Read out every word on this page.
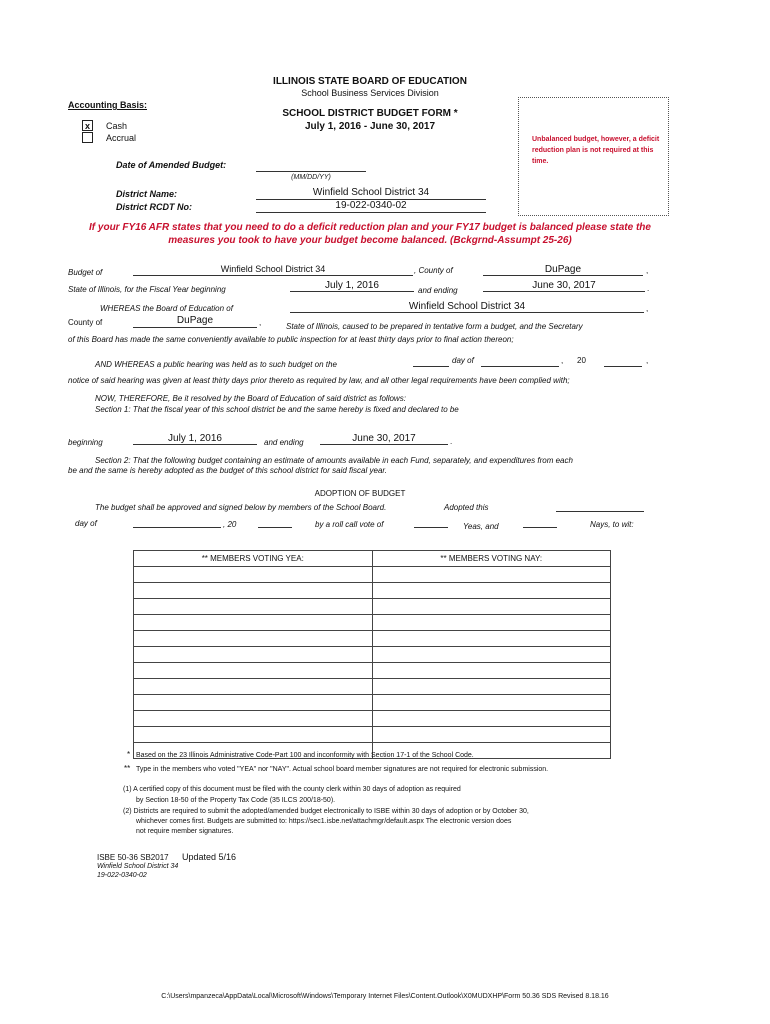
ILLINOIS STATE BOARD OF EDUCATION
School Business Services Division
SCHOOL DISTRICT BUDGET FORM *
July 1, 2016 - June 30, 2017
Accounting Basis:
x	Cash
Accrual	Unbalanced budget, however, a deficit reduction plan is not required at this time.
Date of Amended Budget:
(MM/DD/YY)
District Name:	Winfield School District 34
District RCDT No:	19-022-0340-02
If your FY16 AFR states that you need to do a deficit reduction plan and your FY17 budget is balanced please state the
measures you took to have your budget become balanced. (Bckgrnd-Assumpt 25-26)
Budget of	Winfield School District 34	, County of	DuPage	,
State of Illinois, for the Fiscal Year beginning	July 1, 2016	and ending	June 30, 2017	.
WHEREAS the Board of Education of	Winfield School District 34	,
County of	DuPage	,	State of Illinois, caused to be prepared in tentative form a budget, and the Secretary
of this Board has made the same conveniently available to public inspection for at least thirty days prior to final action thereon;
AND WHEREAS a public hearing was held as to such budget on the	day of	, 20	,
notice of said hearing was given at least thirty days prior thereto as required by law, and all other legal requirements have been complied with;
NOW, THEREFORE, Be it resolved by the Board of Education of said district as follows:
Section 1: That the fiscal year of this school district be and the same hereby is fixed and declared to be
beginning	July 1, 2016	and ending	June 30, 2017	.
Section 2: That the following budget containing an estimate of amounts available in each Fund, separately, and expenditures from each
be and the same is hereby adopted as the budget of this school district for said fiscal year.
ADOPTION OF BUDGET
The budget shall be approved and signed below by members of the School Board.	Adopted this
day of	, 20	by a roll call vote of	Yeas, and	Nays, to wit:
** MEMBERS VOTING YEA:	** MEMBERS VOTING NAY:

* Based on the 23 Illinois Administrative Code-Part 100 and inconformity with Section 17-1 of the School Code.
** Type in the members who voted "YEA" nor "NAY". Actual school board member signatures are not required for electronic submission.
(1) A certified copy of this document must be filed with the county clerk within 30 days of adoption as required
by Section 18-50 of the Property Tax Code (35 ILCS 200/18-50).
(2) Districts are required to submit the adopted/amended budget electronically to ISBE within 30 days of adoption or by October 30,
whichever comes first. Budgets are submitted to: https://sec1.isbe.net/attachmgr/default.aspx The electronic version does
not require member signatures.
ISBE 50-36 SB2017 Updated 5/16
Winfield School District 34
19-022-0340-02
C:\Users\mpanzeca\AppData\Local\Microsoft\Windows\Temporary Internet Files\Content.Outlook\X0MUDXHP\Form 50.36 SDS Revised 8.18.16
